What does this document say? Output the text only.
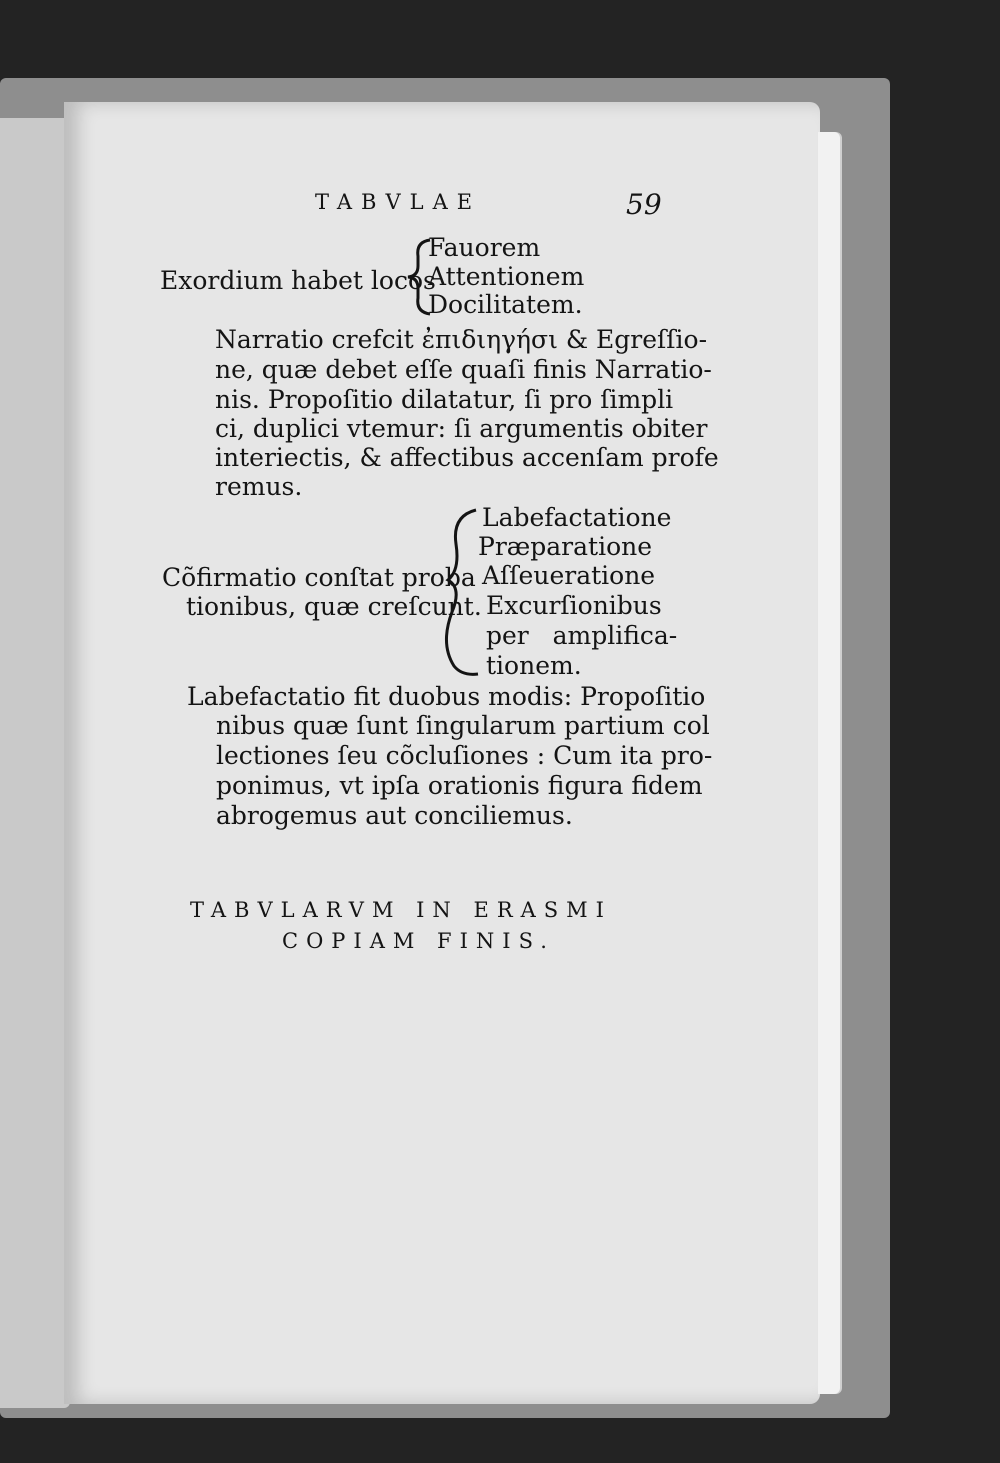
TABVLAE	59
Exordium habet locos
Fauorem
Attentionem
Docilitatem.
Narratio crefcit ἐπιδιηγήσι & Egreſſio-
ne, quæ debet eſſe quaſi finis Narratio-
nis. Propoſitio dilatatur, ſi pro ſimpli
ci, duplici vtemur: ſi argumentis obiter
interiectis, & affectibus accenſam profe
remus.
Cõfirmatio conſtat proba
tionibus, quæ creſcunt.
Labefactatione
Præparatione
Aſſeueratione
Excurſionibus
per   amplifica-
tionem.
Labefactatio fit duobus modis: Propoſitio
nibus quæ ſunt ſingularum partium col
lectiones ſeu cõcluſiones : Cum ita pro-
ponimus, vt ipſa orationis figura fidem
abrogemus aut conciliemus.
TABVLARVM IN ERASMI
COPIAM FINIS.
